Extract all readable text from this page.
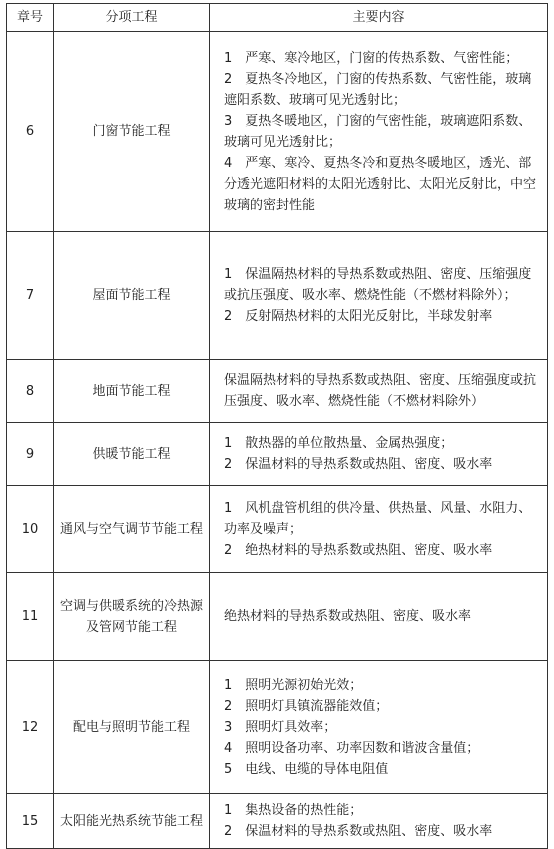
章号	分项工程	主要内容
6	门窗节能工程	1　严寒、寒冷地区，门窗的传热系数、气密性能；
2　夏热冬冷地区，门窗的传热系数、气密性能，玻璃遮阳系数、玻璃可见光透射比；
3　夏热冬暖地区，门窗的气密性能，玻璃遮阳系数、玻璃可见光透射比；
4　严寒、寒冷、夏热冬冷和夏热冬暖地区，透光、部分透光遮阳材料的太阳光透射比、太阳光反射比，中空玻璃的密封性能

7	屋面节能工程	1　保温隔热材料的导热系数或热阻、密度、压缩强度或抗压强度、吸水率、燃烧性能（不燃材料除外）；
2　反射隔热材料的太阳光反射比，半球发射率

8	地面节能工程	保温隔热材料的导热系数或热阻、密度、压缩强度或抗压强度、吸水率、燃烧性能（不燃材料除外）

9	供暖节能工程	1　散热器的单位散热量、金属热强度；
2　保温材料的导热系数或热阻、密度、吸水率

10	通风与空气调节节能工程	1　风机盘管机组的供冷量、供热量、风量、水阻力、功率及噪声；
2　绝热材料的导热系数或热阻、密度、吸水率

11	空调与供暖系统的冷热源及管网节能工程	绝热材料的导热系数或热阻、密度、吸水率

12	配电与照明节能工程	1　照明光源初始光效；
2　照明灯具镇流器能效值；
3　照明灯具效率；
4　照明设备功率、功率因数和谐波含量值；
5　电线、电缆的导体电阻值

15	太阳能光热系统节能工程	1　集热设备的热性能；
2　保温材料的导热系数或热阻、密度、吸水率
